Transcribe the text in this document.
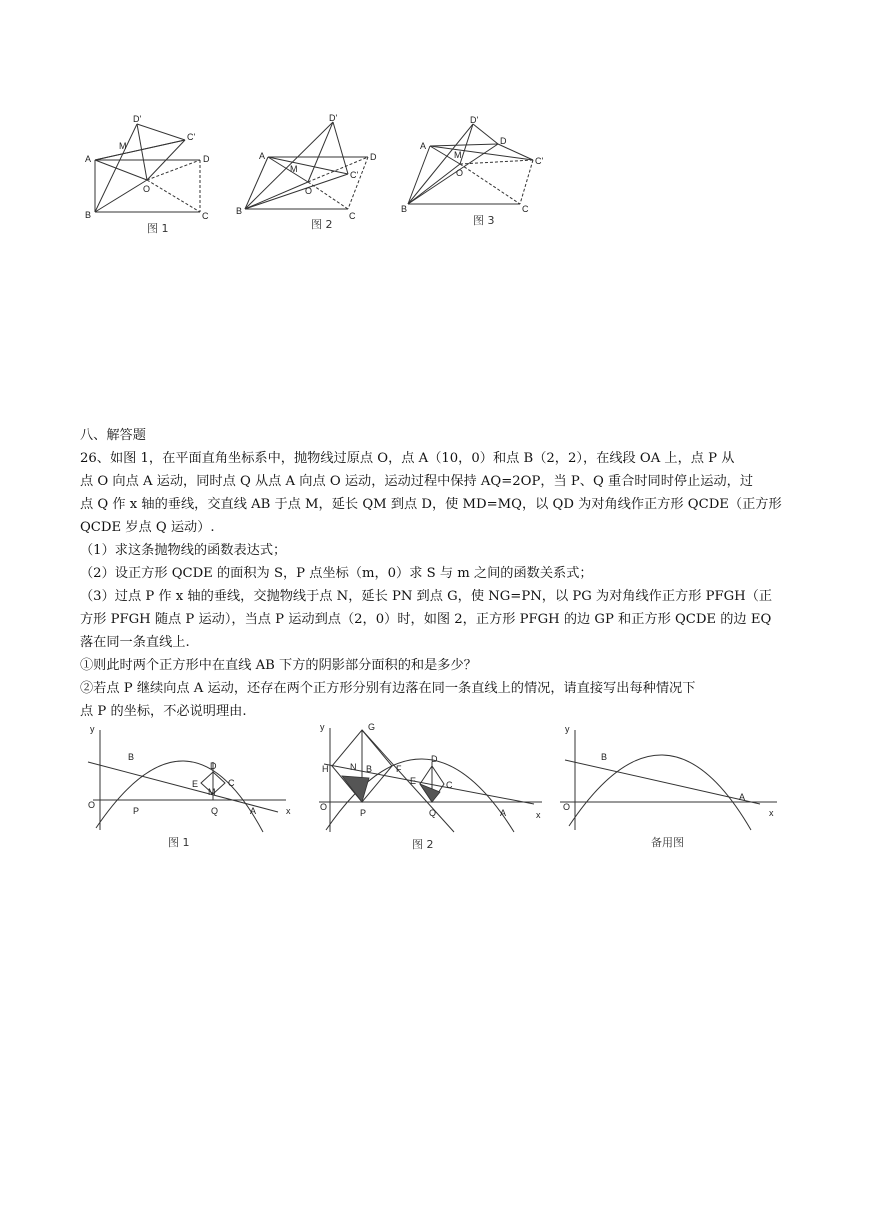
A
B
D
C
D'
C'
M
O
图 1
A
B
D
C
D'
C'
M
O
图 2
A
B
D
C'
D'
C
M
O
图 3

八、解答题

26、如图 1，在平面直角坐标系中，抛物线过原点 O，点 A（10，0）和点 B（2，2），在线段 OA 上，点 P 从

点 O 向点 A 运动，同时点 Q 从点 A 向点 O 运动，运动过程中保持 AQ=2OP，当 P、Q 重合时同时停止运动，过

点 Q 作 x 轴的垂线，交直线 AB 于点 M，延长 QM 到点 D，使 MD=MQ，以 QD 为对角线作正方形 QCDE（正方形

QCDE 岁点 Q 运动）.

（1）求这条抛物线的函数表达式；

（2）设正方形 QCDE 的面积为 S，P 点坐标（m，0）求 S 与 m 之间的函数关系式；

（3）过点 P 作 x 轴的垂线，交抛物线于点 N，延长 PN 到点 G，使 NG=PN，以 PG 为对角线作正方形 PFGH（正

方形 PFGH 随点 P 运动），当点 P 运动到点（2，0）时，如图 2，正方形 PFGH 的边 GP 和正方形 QCDE 的边 EQ

落在同一条直线上.

①则此时两个正方形中在直线 AB 下方的阴影部分面积的和是多少？

②若点 P 继续向点 A 运动，还存在两个正方形分别有边落在同一条直线上的情况，请直接写出每种情况下

点 P 的坐标，不必说明理由.

y
O
P	Q	A	x
B
D
C
E
M
图 1
y
O
P	Q	A	x
G
H N B	F
E
D
C
图 2
y
O
B
A
x
备用图
